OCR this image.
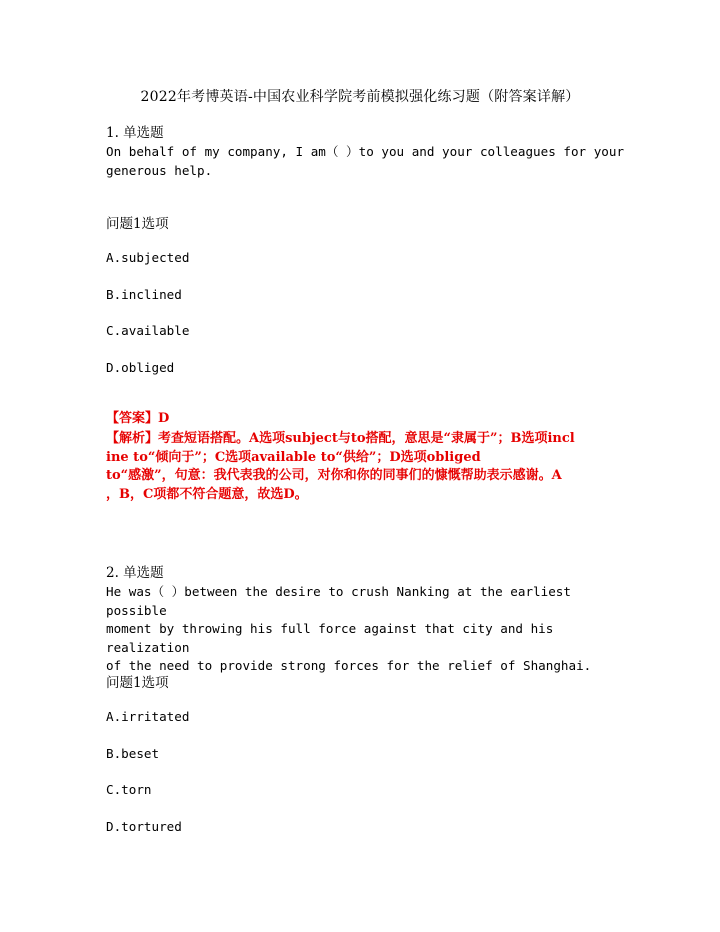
2022年考博英语-中国农业科学院考前模拟强化练习题（附答案详解）
1. 单选题
On behalf of my company, I am（ ）to you and your colleagues for your
generous help.
问题1选项
A.subjected
B.inclined
C.available
D.obliged
【答案】D
【解析】考查短语搭配。A选项subject与to搭配，意思是“隶属于”；B选项incl
ine to“倾向于”；C选项available to“供给”；D选项obliged
to“感激”，句意：我代表我的公司，对你和你的同事们的慷慨帮助表示感谢。A
，B，C项都不符合题意，故选D。
2. 单选题
He was（ ）between the desire to crush Nanking at the earliest possible
moment by throwing his full force against that city and his realization
of the need to provide strong forces for the relief of Shanghai.
问题1选项
A.irritated
B.beset
C.torn
D.tortured
